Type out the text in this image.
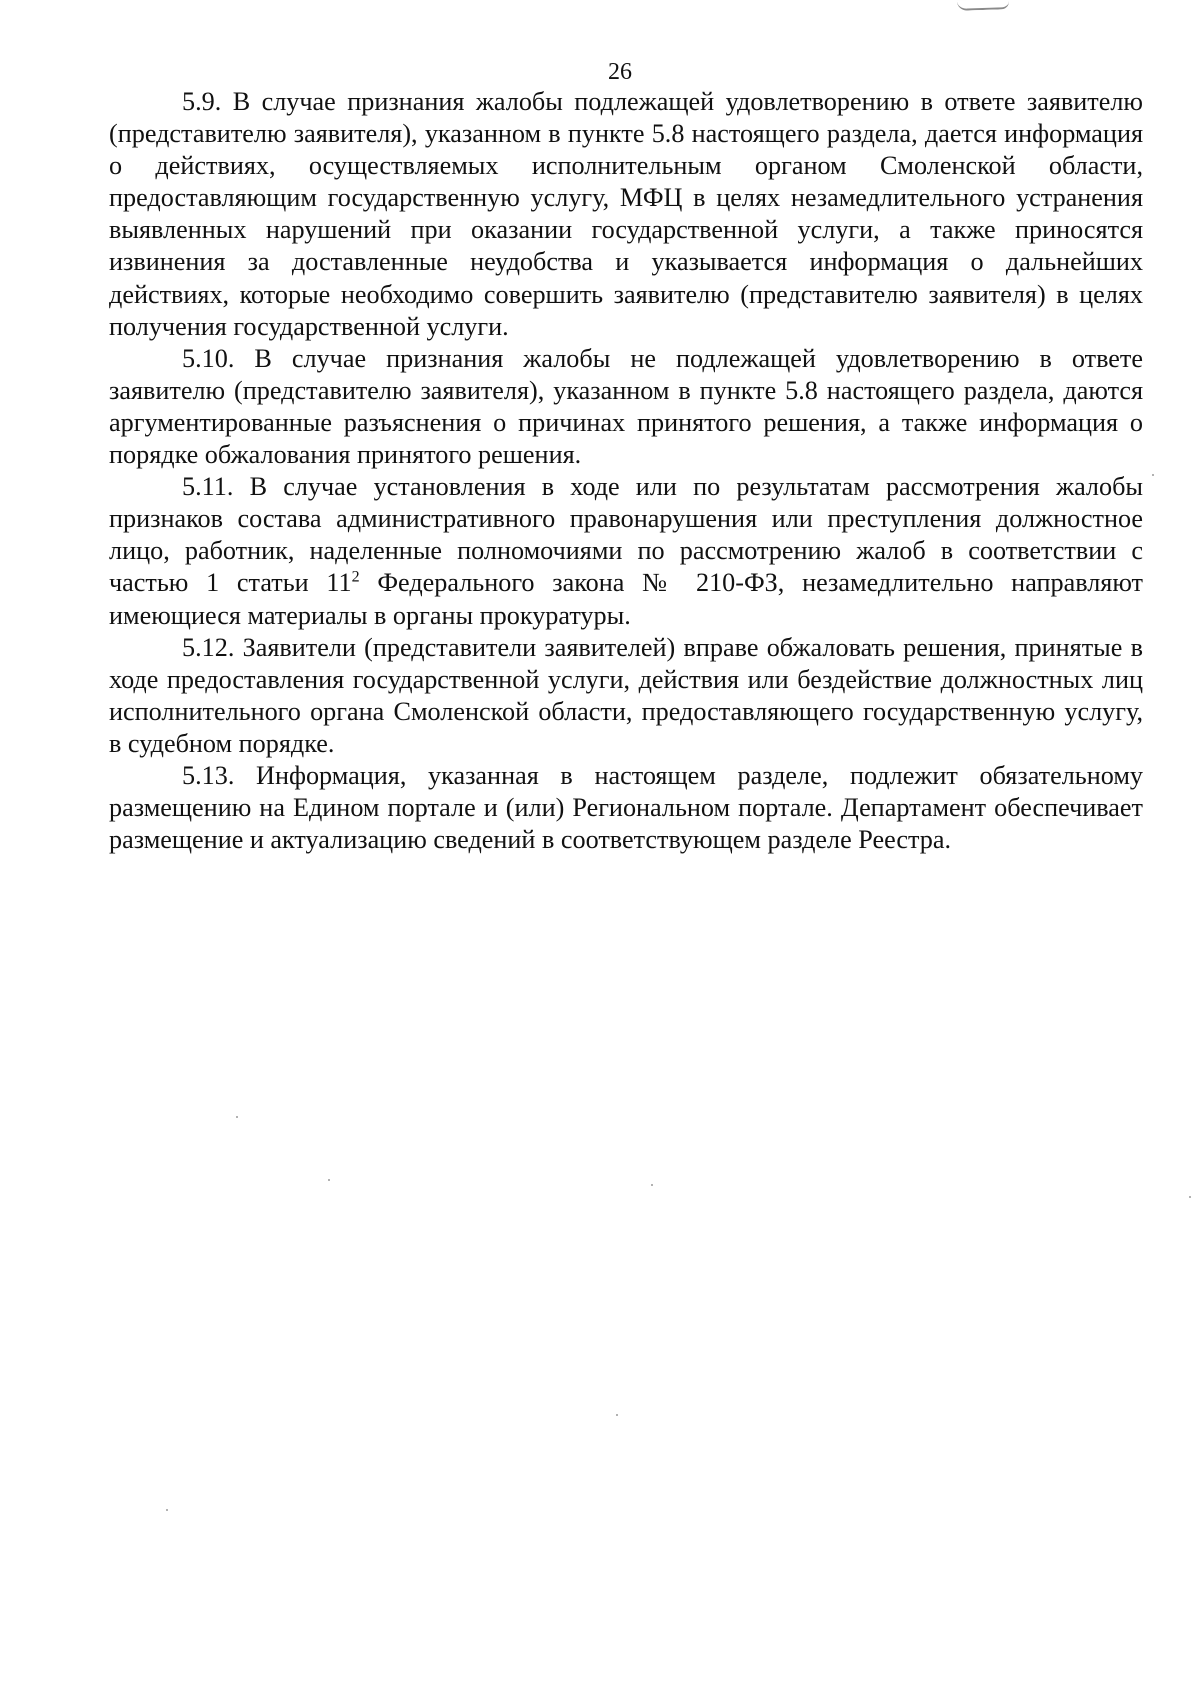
26

5.9. В случае признания жалобы подлежащей удовлетворению в ответе заявителю (представителю заявителя), указанном в пункте 5.8 настоящего раздела, дается информация о действиях, осуществляемых исполнительным органом Смоленской области, предоставляющим государственную услугу, МФЦ в целях незамедлительного устранения выявленных нарушений при оказании государственной услуги, а также приносятся извинения за доставленные неудобства и указывается информация о дальнейших действиях, которые необходимо совершить заявителю (представителю заявителя) в целях получения государственной услуги.

5.10. В случае признания жалобы не подлежащей удовлетворению в ответе заявителю (представителю заявителя), указанном в пункте 5.8 настоящего раздела, даются аргументированные разъяснения о причинах принятого решения, а также информация о порядке обжалования принятого решения.

5.11. В случае установления в ходе или по результатам рассмотрения жалобы признаков состава административного правонарушения или преступления должностное лицо, работник, наделенные полномочиями по рассмотрению жалоб в соответствии с частью 1 статьи $11^2$ Федерального закона № 210-ФЗ, незамедлительно направляют имеющиеся материалы в органы прокуратуры.

5.12. Заявители (представители заявителей) вправе обжаловать решения, принятые в ходе предоставления государственной услуги, действия или бездействие должностных лиц исполнительного органа Смоленской области, предоставляющего государственную услугу, в судебном порядке.

5.13. Информация, указанная в настоящем разделе, подлежит обязательному размещению на Едином портале и (или) Региональном портале. Департамент обеспечивает размещение и актуализацию сведений в соответствующем разделе Реестра.
